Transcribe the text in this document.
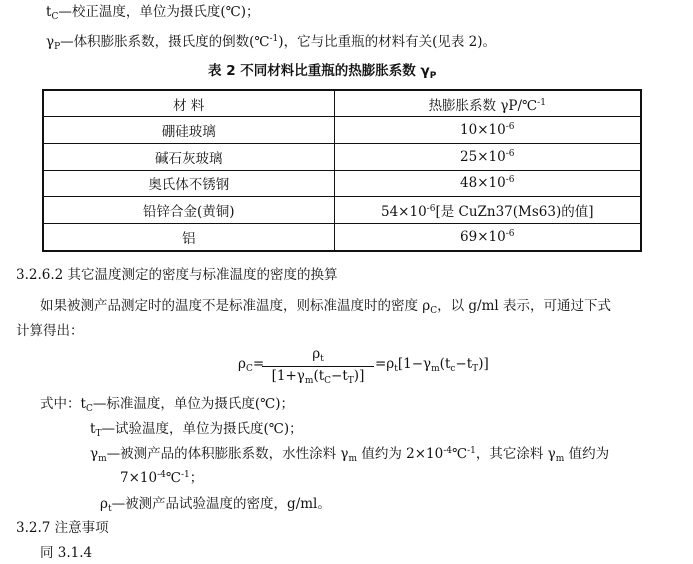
$t_C—$校正温度，单位为摄氏度(℃)；
$\gamma_P—$体积膨胀系数，摄氏度的倒数(℃$^{-1}$)，它与比重瓶的材料有关(见表 2)。
表 2 不同材料比重瓶的热膨胀系数 $\gamma_P$
材 料	热膨胀系数 γP/℃$^{-1}$
硼硅玻璃	$10\times 10^{-6}$
碱石灰玻璃	$25\times 10^{-6}$
奥氏体不锈钢	$48\times 10^{-6}$
铅锌合金(黄铜)	$54\times 10^{-6}$[是 CuZn37(Ms63)的值]
铝	$69\times 10^{-6}$
3.2.6.2 其它温度测定的密度与标准温度的密度的换算
如果被测产品测定时的温度不是标准温度，则标准温度时的密度 $\rho_C$，以 g/ml 表示，可通过下式
计算得出：
$\rho_C=$
$\rho_t$
$[1+\gamma_m(t_C-t_T)]$
$=\rho_t[1-\gamma_m(t_c-t_T)]$
式中：$t_C—$标准温度，单位为摄氏度(℃)；
$t_T—$试验温度，单位为摄氏度(℃)；
$\gamma_m—$被测产品的体积膨胀系数，水性涂料 $\gamma_m$ 值约为 $2\times 10^{-4}℃^{-1}$，其它涂料 $\gamma_m$ 值约为
$7\times 10^{-4}℃^{-1}$；
$\rho_t—$被测产品试验温度的密度，g/ml。
3.2.7 注意事项
同 3.1.4
